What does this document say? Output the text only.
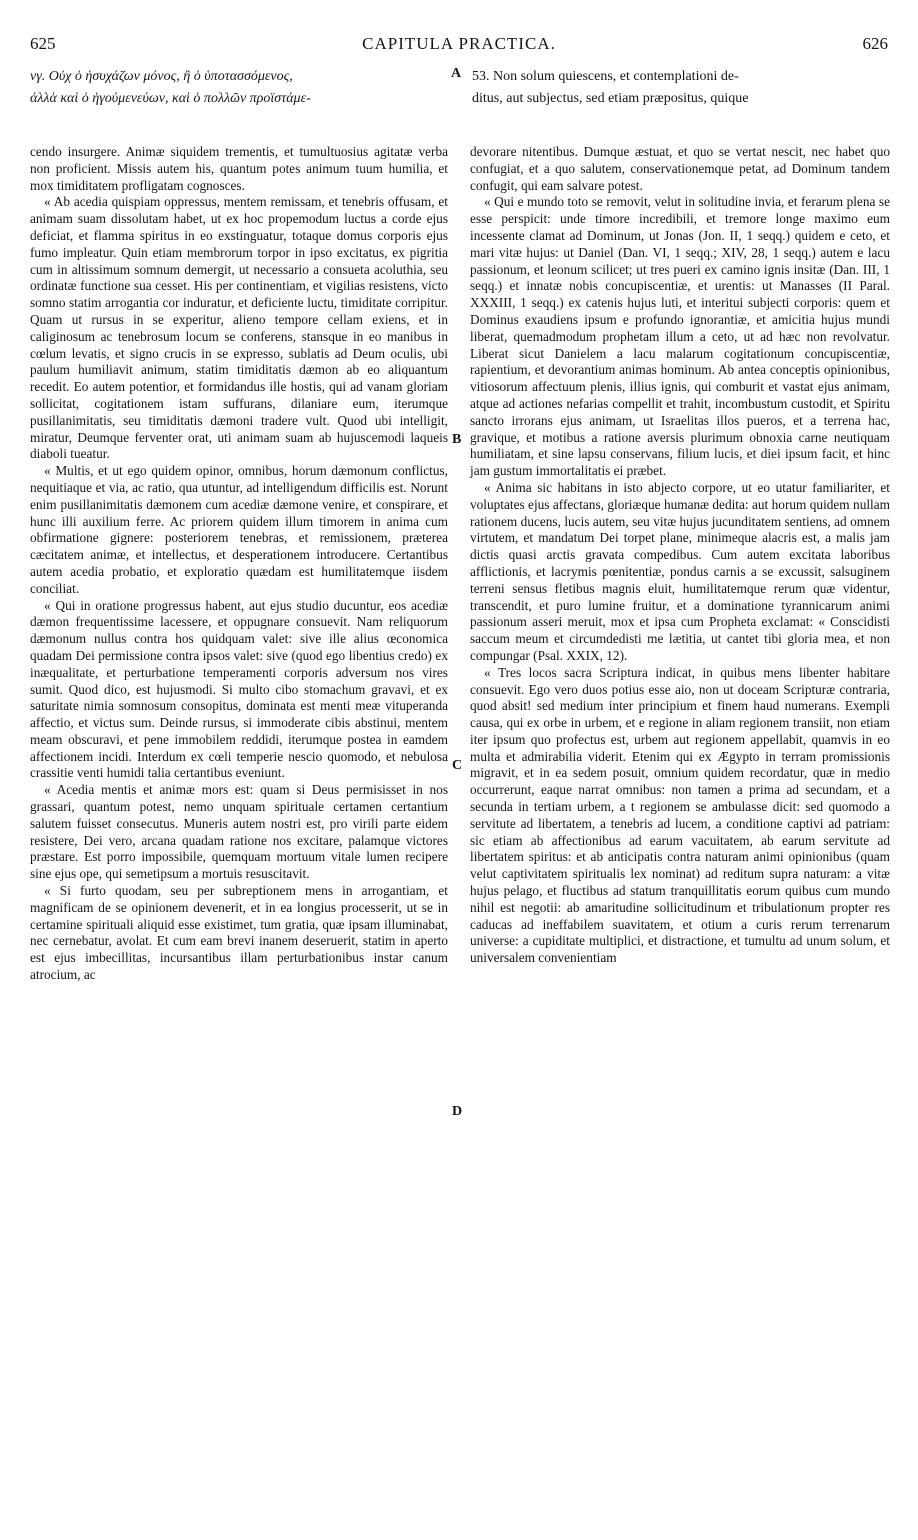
625	CAPITULA PRACTICA.	626
νγ. Οὐχ ὁ ἡσυχάζων μόνος, ἢ ὁ ὑποτασσόμενος,
ἀλλὰ καὶ ὁ ἡγούμενεύων, καὶ ὁ πολλῶν προϊστάμε-
A 53. Non solum quiescens, et contemplationi de-
ditus, aut subjectus, sed etiam præpositus, quique

cendo insurgere. Animæ siquidem trementis, et tumultuosius agitatæ verba non proficient. Missis autem his, quantum potes animum tuum humilia, et mox timiditatem profligatam cognosces.

« Ab acedia quispiam oppressus, mentem remissam, et tenebris offusam, et animam suam dissolutam habet, ut ex hoc propemodum luctus a corde ejus deficiat, et flamma spiritus in eo exstinguatur, totaque domus corporis ejus fumo impleatur. Quin etiam membrorum torpor in ipso excitatus, ex pigritia cum in altissimum somnum demergit, ut necessario a consueta acoluthia, seu ordinatæ functione sua cesset. His per continentiam, et vigilias resistens, victo somno statim arrogantia cor induratur, et deficiente luctu, timiditate corripitur. Quam ut rursus in se experitur, alieno tempore cellam exiens, et in caliginosum ac tenebrosum locum se conferens, stansque in eo manibus in cœlum levatis, et signo crucis in se expresso, sublatis ad Deum oculis, ubi paulum humiliavit animum, statim timiditatis dæmon ab eo aliquantum recedit. Eo autem potentior, et formidandus ille hostis, qui ad vanam gloriam sollicitat, cogitationem istam suffurans, dilaniare eum, iterumque pusillanimitatis, seu timiditatis dæmoni tradere vult. Quod ubi intelligit, miratur, Deumque ferventer orat, uti animam suam ab hujuscemodi laqueis diaboli tueatur.

« Multis, et ut ego quidem opinor, omnibus, horum dæmonum conflictus, nequitiaque et via, ac ratio, qua utuntur, ad intelligendum difficilis est. Norunt enim pusillanimitatis dæmonem cum acediæ dæmone venire, et conspirare, et hunc illi auxilium ferre. Ac priorem quidem illum timorem in anima cum obfirmatione gignere: posteriorem tenebras, et remissionem, præterea cæcitatem animæ, et intellectus, et desperationem introducere. Certantibus autem acedia probatio, et exploratio quædam est humilitatemque iisdem conciliat.

« Qui in oratione progressus habent, aut ejus studio ducuntur, eos acediæ dæmon frequentissime lacessere, et oppugnare consuevit. Nam reliquorum dæmonum nullus contra hos quidquam valet: sive ille alius œconomica quadam Dei permissione contra ipsos valet: sive (quod ego libentius credo) ex inæqualitate, et perturbatione temperamenti corporis adversum nos vires sumit. Quod dico, est hujusmodi. Si multo cibo stomachum gravavi, et ex saturitate nimia somnosum consopitus, dominata est menti meæ vituperanda affectio, et victus sum. Deinde rursus, si immoderate cibis abstinui, mentem meam obscuravi, et pene immobilem reddidi, iterumque postea in eamdem affectionem incidi. Interdum ex cœli temperie nescio quomodo, et nebulosa crassitie venti humidi talia certantibus eveniunt.

« Acedia mentis et animæ mors est: quam si Deus permisisset in nos grassari, quantum potest, nemo unquam spirituale certamen certantium salutem fuisset consecutus. Muneris autem nostri est, pro virili parte eidem resistere, Dei vero, arcana quadam ratione nos excitare, palamque victores præstare. Est porro impossibile, quemquam mortuum vitale lumen recipere sine ejus ope, qui semetipsum a mortuis resuscitavit.

« Si furto quodam, seu per subreptionem mens in arrogantiam, et magnificam de se opinionem devenerit, et in ea longius processerit, ut se in certamine spirituali aliquid esse existimet, tum gratia, quæ ipsam illuminabat, nec cernebatur, avolat. Et cum eam brevi inanem deseruerit, statim in aperto est ejus imbecillitas, incursantibus illam perturbationibus instar canum atrocium, ac

B
C
D

devorare nitentibus. Dumque æstuat, et quo se vertat nescit, nec habet quo confugiat, et a quo salutem, conservationemque petat, ad Dominum tandem confugit, qui eam salvare potest.

« Qui e mundo toto se removit, velut in solitudine invia, et ferarum plena se esse perspicit: unde timore incredibili, et tremore longe maximo eum incessente clamat ad Dominum, ut Jonas (Jon. II, 1 seqq.) quidem e ceto, et mari vitæ hujus: ut Daniel (Dan. VI, 1 seqq.; XIV, 28, 1 seqq.) autem e lacu passionum, et leonum scilicet; ut tres pueri ex camino ignis insitæ (Dan. III, 1 seqq.) et innatæ nobis concupiscentiæ, et urentis: ut Manasses (II Paral. XXXIII, 1 seqq.) ex catenis hujus luti, et interitui subjecti corporis: quem et Dominus exaudiens ipsum e profundo ignorantiæ, et amicitia hujus mundi liberat, quemadmodum prophetam illum a ceto, ut ad hæc non revolvatur. Liberat sicut Danielem a lacu malarum cogitationum concupiscentiæ, rapientium, et devorantium animas hominum. Ab antea conceptis opinionibus, vitiosorum affectuum plenis, illius ignis, qui comburit et vastat ejus animam, atque ad actiones nefarias compellit et trahit, incombustum custodit, et Spiritu sancto irrorans ejus animam, ut Israelitas illos pueros, et a terrena hac, gravique, et motibus a ratione aversis plurimum obnoxia carne neutiquam humiliatam, et sine lapsu conservans, filium lucis, et diei ipsum facit, et hinc jam gustum immortalitatis ei præbet.

« Anima sic habitans in isto abjecto corpore, ut eo utatur familiariter, et voluptates ejus affectans, gloriæque humanæ dedita: aut horum quidem nullam rationem ducens, lucis autem, seu vitæ hujus jucunditatem sentiens, ad omnem virtutem, et mandatum Dei torpet plane, minimeque alacris est, a malis jam dictis quasi arctis gravata compedibus. Cum autem excitata laboribus afflictionis, et lacrymis pœnitentiæ, pondus carnis a se excussit, salsuginem terreni sensus fletibus magnis eluit, humilitatemque rerum quæ videntur, transcendit, et puro lumine fruitur, et a dominatione tyrannicarum animi passionum asseri meruit, mox et ipsa cum Propheta exclamat: « Conscidisti saccum meum et circumdedisti me lætitia, ut cantet tibi gloria mea, et non compungar (Psal. XXIX, 12).

« Tres locos sacra Scriptura indicat, in quibus mens libenter habitare consuevit. Ego vero duos potius esse aio, non ut doceam Scripturæ contraria, quod absit! sed medium inter principium et finem haud numerans. Exempli causa, qui ex orbe in urbem, et e regione in aliam regionem transiit, non etiam iter ipsum quo profectus est, urbem aut regionem appellabit, quamvis in eo multa et admirabilia viderit. Etenim qui ex Ægypto in terram promissionis migravit, et in ea sedem posuit, omnium quidem recordatur, quæ in medio occurrerunt, eaque narrat omnibus: non tamen a prima ad secundam, et a secunda in tertiam urbem, a t regionem se ambulasse dicit: sed quomodo a servitute ad libertatem, a tenebris ad lucem, a conditione captivi ad patriam: sic etiam ab affectionibus ad earum vacuitatem, ab earum servitute ad libertatem spiritus: et ab anticipatis contra naturam animi opinionibus (quam velut captivitatem spiritualis lex nominat) ad reditum supra naturam: a vitæ hujus pelago, et fluctibus ad statum tranquillitatis eorum quibus cum mundo nihil est negotii: ab amaritudine sollicitudinum et tribulationum propter res caducas ad ineffabilem suavitatem, et otium a curis rerum terrenarum universe: a cupiditate multiplici, et distractione, et tumultu ad unum solum, et universalem convenientiam
